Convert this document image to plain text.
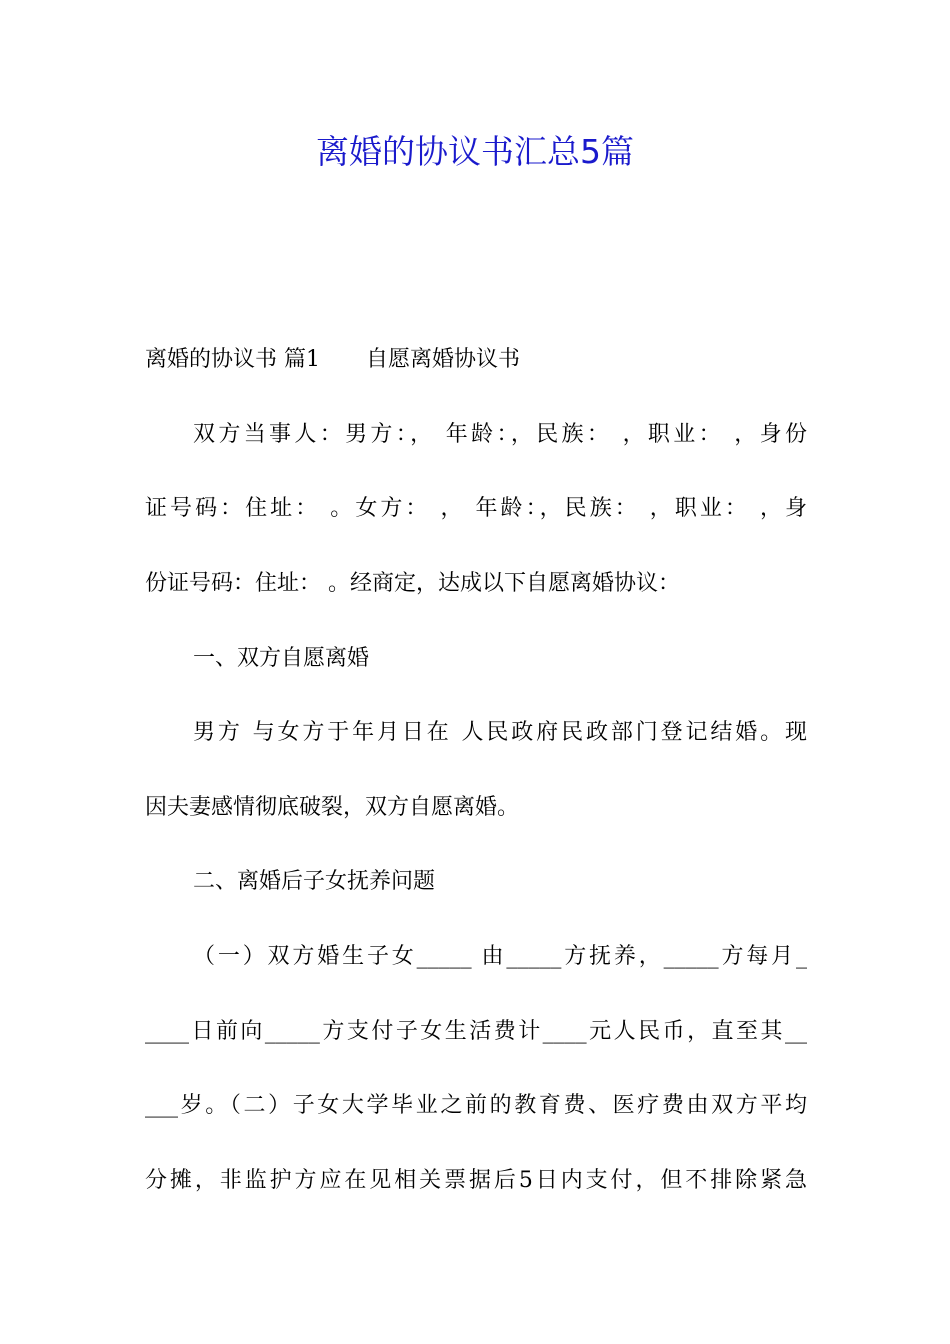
离婚的协议书汇总5篇
离婚的协议书 篇1 自愿离婚协议书
双方当事人：男方：， 年龄：，民族： ，职业： ，身份
证号码：住址： 。女方： ， 年龄：，民族： ，职业： ，身
份证号码：住址： 。经商定，达成以下自愿离婚协议：
一、双方自愿离婚
男方 与女方于年月日在 人民政府民政部门登记结婚。现
因夫妻感情彻底破裂，双方自愿离婚。
二、离婚后子女抚养问题
（一）双方婚生子女_____ 由_____方抚养，_____方每月_
____日前向_____方支付子女生活费计____元人民币，直至其__
___岁。（二）子女大学毕业之前的教育费、医疗费由双方平均
分摊，非监护方应在见相关票据后5日内支付，但不排除紧急
